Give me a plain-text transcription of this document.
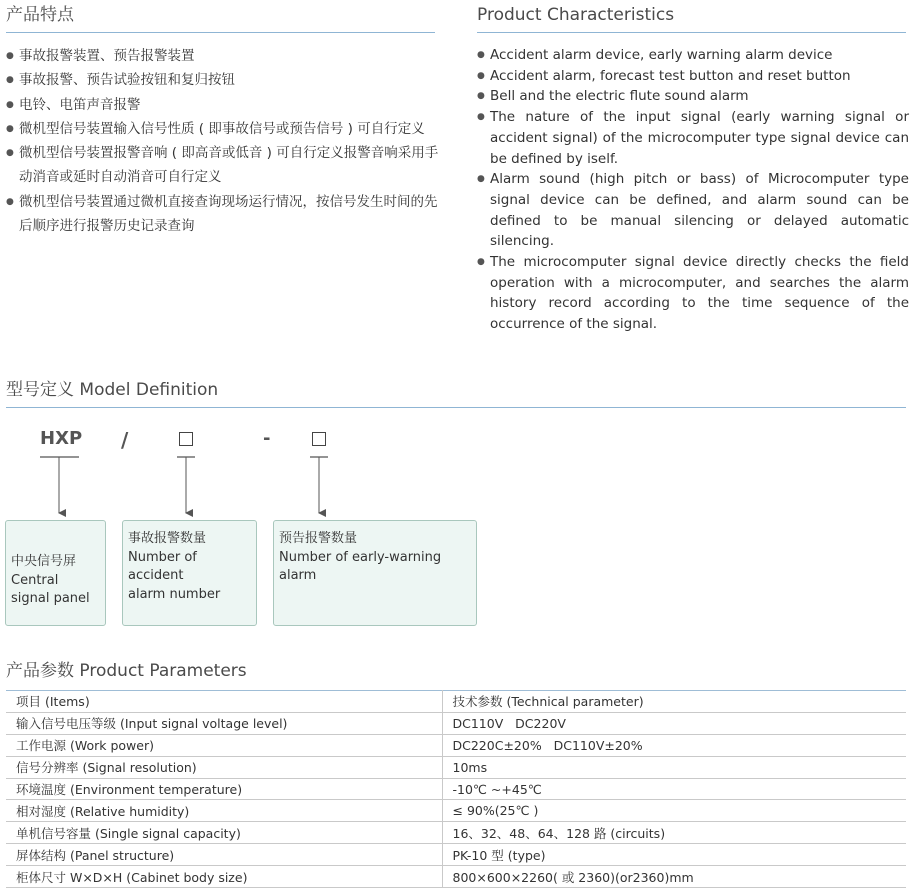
产品特点
● 事故报警装置、预告报警装置
● 事故报警、预告试验按钮和复归按钮
● 电铃、电笛声音报警
● 微机型信号装置输入信号性质 ( 即事故信号或预告信号 ) 可自行定义
● 微机型信号装置报警音响 ( 即高音或低音 ) 可自行定义报警音响采用手动消音或延时自动消音可自行定义
● 微机型信号装置通过微机直接查询现场运行情况，按信号发生时间的先后顺序进行报警历史记录查询
Product Characteristics
● Accident alarm device, early warning alarm device
● Accident alarm, forecast test button and reset button
● Bell and the electric flute sound alarm
● The nature of the input signal (early warning signal or accident signal) of the microcomputer type signal device can be defined by iself.
● Alarm sound (high pitch or bass) of Microcomputer type signal device can be defined, and alarm sound can be defined to be manual silencing or delayed automatic silencing.
● The microcomputer signal device directly checks the field operation with a microcomputer, and searches the alarm history record according to the time sequence of the occurrence of the signal.
型号定义 Model Definition
HXP /	-
中央信号屏
Central
signal panel
事故报警数量
Number of accident
alarm number
预告报警数量
Number of early-warning alarm
产品参数 Product Parameters
项目 (Items)	技术参数 (Technical parameter)
输入信号电压等级 (Input signal voltage level)	DC110V   DC220V
工作电源 (Work power)	DC220C±20%   DC110V±20%
信号分辨率 (Signal resolution)	10ms
环境温度 (Environment temperature)	-10℃ ~+45℃
相对湿度 (Relative humidity)	≤ 90%(25℃ )
单机信号容量 (Single signal capacity)	16、32、48、64、128 路 (circuits)
屏体结构 (Panel structure)	PK-10 型 (type)
柜体尺寸 W×D×H (Cabinet body size)	800×600×2260( 或 2360)(or2360)mm
